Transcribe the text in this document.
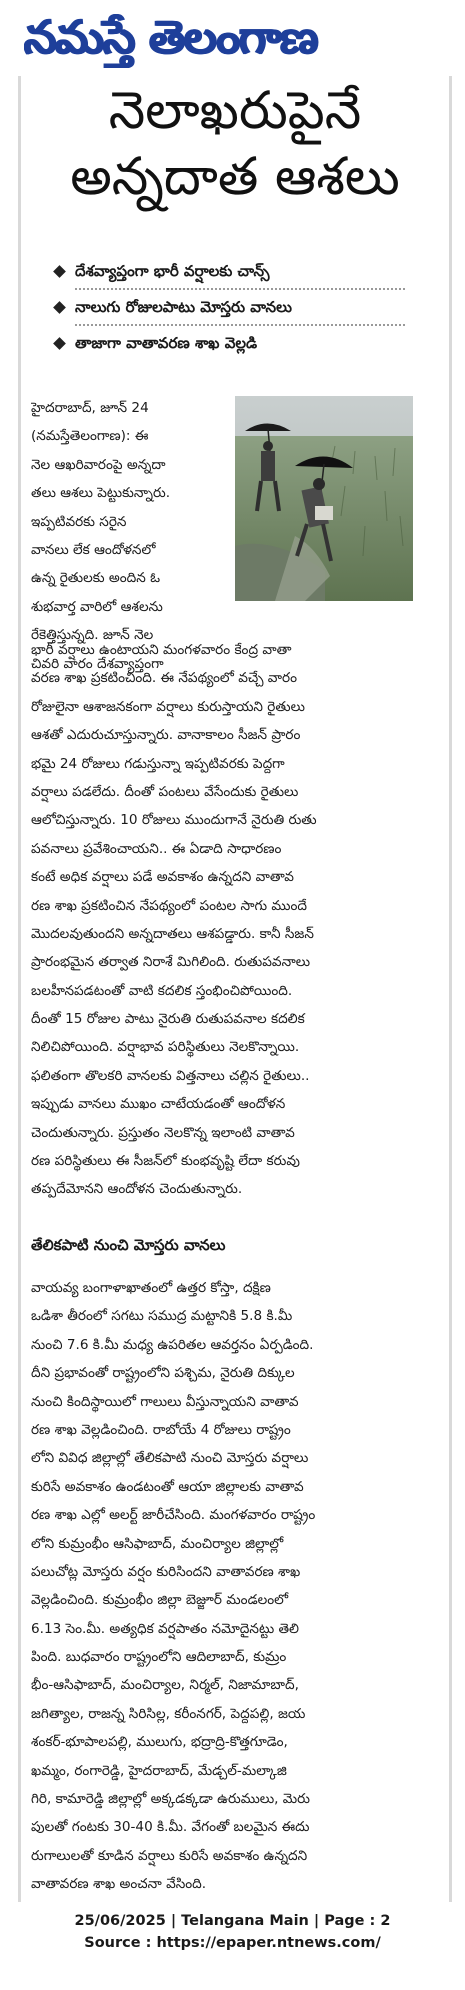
నమస్తే తెలంగాణ
నెలాఖరుపైనే
అన్నదాత ఆశలు
దేశవ్యాప్తంగా భారీ వర్షాలకు చాన్స్
నాలుగు రోజులపాటు మోస్తరు వానలు
తాజాగా వాతావరణ శాఖ వెల్లడి
హైదరాబాద్, జూన్ 24
(నమస్తేతెలంగాణ): ఈ
నెల ఆఖరివారంపై అన్నదా
తలు ఆశలు పెట్టుకున్నారు.
ఇప్పటివరకు సరైన
వానలు లేక ఆందోళనలో
ఉన్న రైతులకు అందిన ఓ
శుభవార్త వారిలో ఆశలను
రేకెత్తిస్తున్నది. జూన్ నెల
చివరి వారం దేశవ్యాప్తంగా
భారీ వర్షాలు ఉంటాయని మంగళవారం కేంద్ర వాతా
వరణ శాఖ ప్రకటించింది. ఈ నేపథ్యంలో వచ్చే వారం
రోజులైనా ఆశాజనకంగా వర్షాలు కురుస్తాయని రైతులు
ఆశతో ఎదురుచూస్తున్నారు. వానాకాలం సీజన్ ప్రారం
భమై 24 రోజులు గడుస్తున్నా ఇప్పటివరకు పెద్దగా
వర్షాలు పడలేదు. దీంతో పంటలు వేసేందుకు రైతులు
ఆలోచిస్తున్నారు. 10 రోజులు ముందుగానే నైరుతి రుతు
పవనాలు ప్రవేశించాయని.. ఈ ఏడాది సాధారణం
కంటే అధిక వర్షాలు పడే అవకాశం ఉన్నదని వాతావ
రణ శాఖ ప్రకటించిన నేపథ్యంలో పంటల సాగు ముందే
మొదలవుతుందని అన్నదాతలు ఆశపడ్డారు. కానీ సీజన్
ప్రారంభమైన తర్వాత నిరాశే మిగిలింది. రుతుపవనాలు
బలహీనపడటంతో వాటి కదలిక స్తంభించిపోయింది.
దీంతో 15 రోజుల పాటు నైరుతి రుతుపవనాల కదలిక
నిలిచిపోయింది. వర్షాభావ పరిస్థితులు నెలకొన్నాయి.
ఫలితంగా తొలకరి వానలకు విత్తనాలు చల్లిన రైతులు..
ఇప్పుడు వానలు ముఖం చాటేయడంతో ఆందోళన
చెందుతున్నారు. ప్రస్తుతం నెలకొన్న ఇలాంటి వాతావ
రణ పరిస్థితులు ఈ సీజన్‌లో కుంభవృష్టి లేదా కరువు
తప్పదేమోనని ఆందోళన చెందుతున్నారు.
తేలికపాటి నుంచి మోస్తరు వానలు
వాయవ్య బంగాళాఖాతంలో ఉత్తర కోస్తా, దక్షిణ
ఒడిశా తీరంలో సగటు సముద్ర మట్టానికి 5.8 కి.మీ
నుంచి 7.6 కి.మీ మధ్య ఉపరితల ఆవర్తనం ఏర్పడింది.
దీని ప్రభావంతో రాష్ట్రంలోని పశ్చిమ, నైరుతి దిక్కుల
నుంచి కిందిస్థాయిలో గాలులు వీస్తున్నాయని వాతావ
రణ శాఖ వెల్లడించింది. రాబోయే 4 రోజులు రాష్ట్రం
లోని వివిధ జిల్లాల్లో తేలికపాటి నుంచి మోస్తరు వర్షాలు
కురిసే అవకాశం ఉండటంతో ఆయా జిల్లాలకు వాతావ
రణ శాఖ ఎల్లో అలర్ట్ జారీచేసింది. మంగళవారం రాష్ట్రం
లోని కుమ్రంభీం ఆసిఫాబాద్, మంచిర్యాల జిల్లాల్లో
పలుచోట్ల మోస్తరు వర్షం కురిసిందని వాతావరణ శాఖ
వెల్లడించింది. కుమ్రంభీం జిల్లా బెజ్జూర్ మండలంలో
6.13 సెం.మీ. అత్యధిక వర్షపాతం నమోదైనట్టు తెలి
పింది. బుధవారం రాష్ట్రంలోని ఆదిలాబాద్, కుమ్రం
భీం-ఆసిఫాబాద్, మంచిర్యాల, నిర్మల్, నిజామాబాద్,
జగిత్యాల, రాజన్న సిరిసిల్ల, కరీంనగర్, పెద్దపల్లి, జయ
శంకర్-భూపాలపల్లి, ములుగు, భద్రాద్రి-కొత్తగూడెం,
ఖమ్మం, రంగారెడ్డి, హైదరాబాద్, మేడ్చల్-మల్కాజి
గిరి, కామారెడ్డి జిల్లాల్లో అక్కడక్కడా ఉరుములు, మెరు
పులతో గంటకు 30-40 కి.మీ. వేగంతో బలమైన ఈదు
రుగాలులతో కూడిన వర్షాలు కురిసే అవకాశం ఉన్నదని
వాతావరణ శాఖ అంచనా వేసింది.
25/06/2025 | Telangana Main | Page : 2
Source : https://epaper.ntnews.com/
